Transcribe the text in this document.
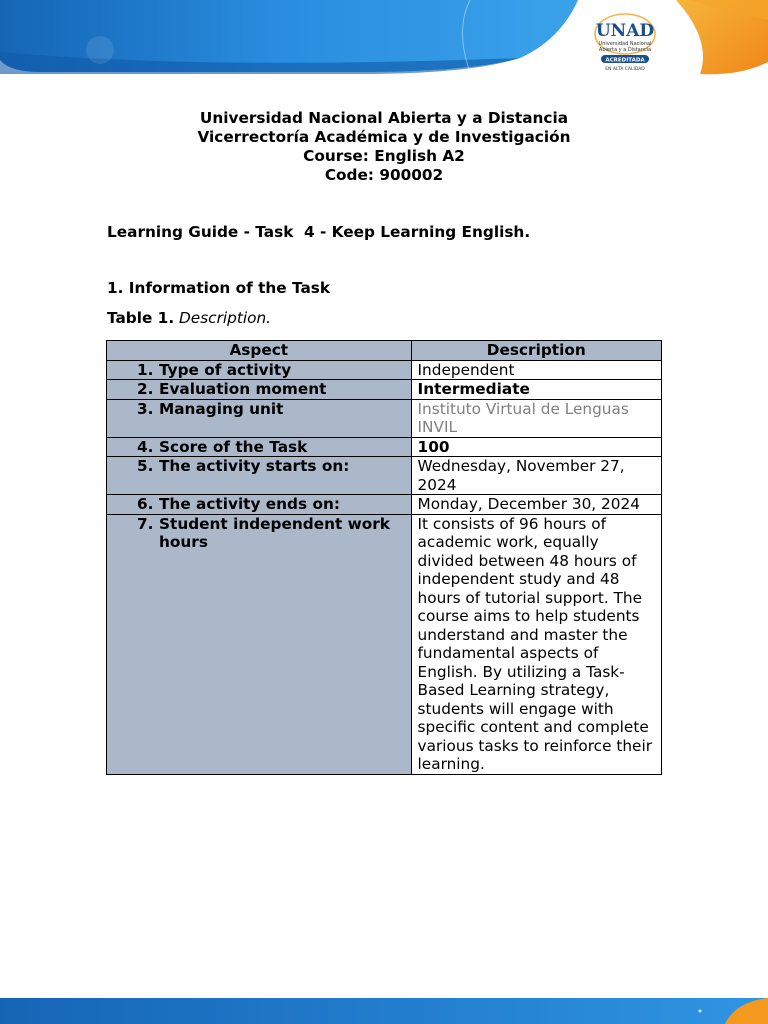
UNAD
Universidad Nacional
Abierta y a Distancia
ACREDITADA
EN ALTA CALIDAD
Universidad Nacional Abierta y a Distancia
Vicerrectoría Académica y de Investigación
Course: English A2
Code: 900002
Learning Guide - Task  4 - Keep Learning English.
1. Information of the Task
Table 1. Description.
Aspect	Description

1. Type of activity	Independent

2. Evaluation moment	Intermediate

3. Managing unit	Instituto Virtual de Lenguas INVIL

4. Score of the Task	100

5. The activity starts on:	Wednesday, November 27, 2024

6. The activity ends on:	Monday, December 30, 2024

7. Student independent work hours	It consists of 96 hours of academic work, equally divided between 48 hours of independent study and 48 hours of tutorial support. The course aims to help students understand and master the fundamental aspects of English. By utilizing a Task-Based Learning strategy, students will engage with specific content and complete various tasks to reinforce their learning.
